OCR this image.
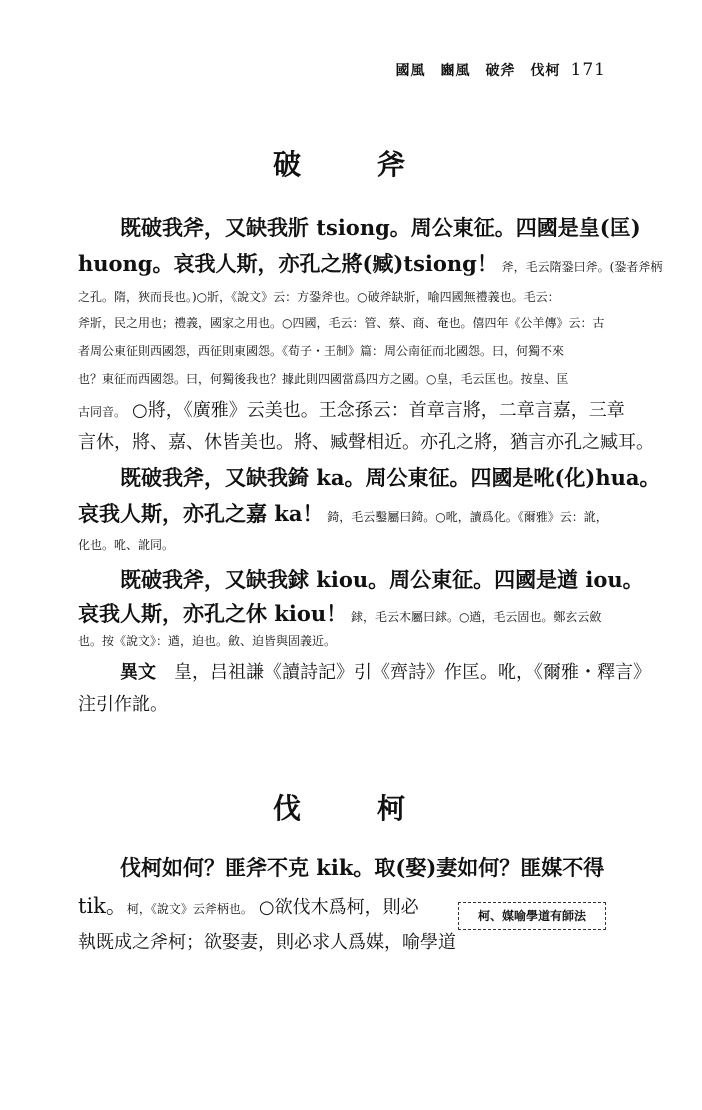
國風　豳風　破斧　伐柯 171
破　斧
既破我斧，又缺我斨 tsiong。周公東征。四國是皇(匡)
huong。哀我人斯，亦孔之將(臧)tsiong！ 斧，毛云隋銎曰斧。(銎者斧柄
之孔。隋，狹而長也。)○斨，《說文》云：方銎斧也。○破斧缺斨，喻四國無禮義也。毛云：
斧斨，民之用也；禮義，國家之用也。○四國，毛云：管、蔡、商、奄也。僖四年《公羊傳》云：古
者周公東征則西國怨，西征則東國怨。《荀子・王制》篇：周公南征而北國怨。曰，何獨不來
也？東征而西國怨。曰，何獨後我也？據此則四國當爲四方之國。○皇，毛云匡也。按皇、匡
古同音。　○將，《廣雅》云美也。王念孫云：首章言將，二章言嘉，三章
言休，將、嘉、休皆美也。將、臧聲相近。亦孔之將，猶言亦孔之臧耳。
既破我斧，又缺我錡 ka。周公東征。四國是吪(化)hua。
哀我人斯，亦孔之嘉 ka！ 錡，毛云鑿屬曰錡。○吪，讀爲化。《爾雅》云：訛，
化也。吪、訛同。
既破我斧，又缺我銶 kiou。周公東征。四國是遒 iou。
哀我人斯，亦孔之休 kiou！ 銶，毛云木屬曰銶。○遒，毛云固也。鄭玄云斂
也。按《說文》：遒，迫也。斂、迫皆與固義近。
異文　皇，吕祖謙《讀詩記》引《齊詩》作匡。吪，《爾雅・釋言》
注引作訛。
伐　柯
伐柯如何？匪斧不克 kik。取(娶)妻如何？匪媒不得
tik。柯，《說文》云斧柄也。　○欲伐木爲柯，則必
執既成之斧柯；欲娶妻，則必求人爲媒，喻學道
柯、媒喻學道有師法
